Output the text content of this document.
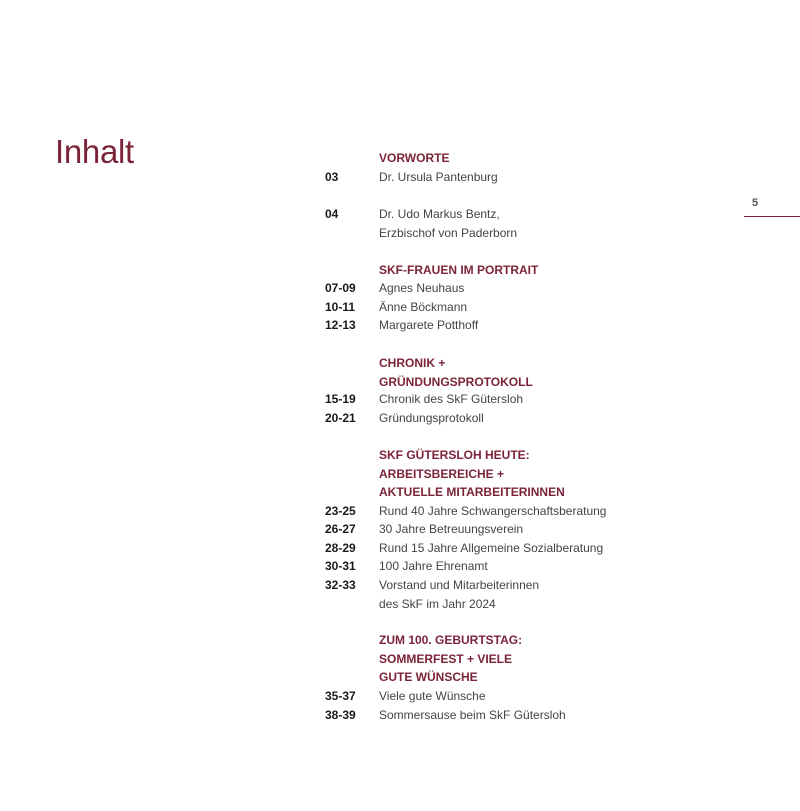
Inhalt
5
VORWORTE
03	Dr. Ursula Pantenburg
04	Dr. Udo Markus Bentz,
Erzbischof von Paderborn
SKF-FRAUEN IM PORTRAIT
07-09 Agnes Neuhaus
10-11 Änne Böckmann
12-13 Margarete Potthoff
CHRONIK +
GRÜNDUNGSPROTOKOLL
15-19 Chronik des SkF Gütersloh
20-21 Gründungsprotokoll
SKF GÜTERSLOH HEUTE:
ARBEITSBEREICHE +
AKTUELLE MITARBEITERINNEN
23-25 Rund 40 Jahre Schwangerschaftsberatung
26-27 30 Jahre Betreuungsverein
28-29 Rund 15 Jahre Allgemeine Sozialberatung
30-31 100 Jahre Ehrenamt
32-33 Vorstand und Mitarbeiterinnen
des SkF im Jahr 2024
ZUM 100. GEBURTSTAG:
SOMMERFEST + VIELE
GUTE WÜNSCHE
35-37 Viele gute Wünsche
38-39 Sommersause beim SkF Gütersloh
